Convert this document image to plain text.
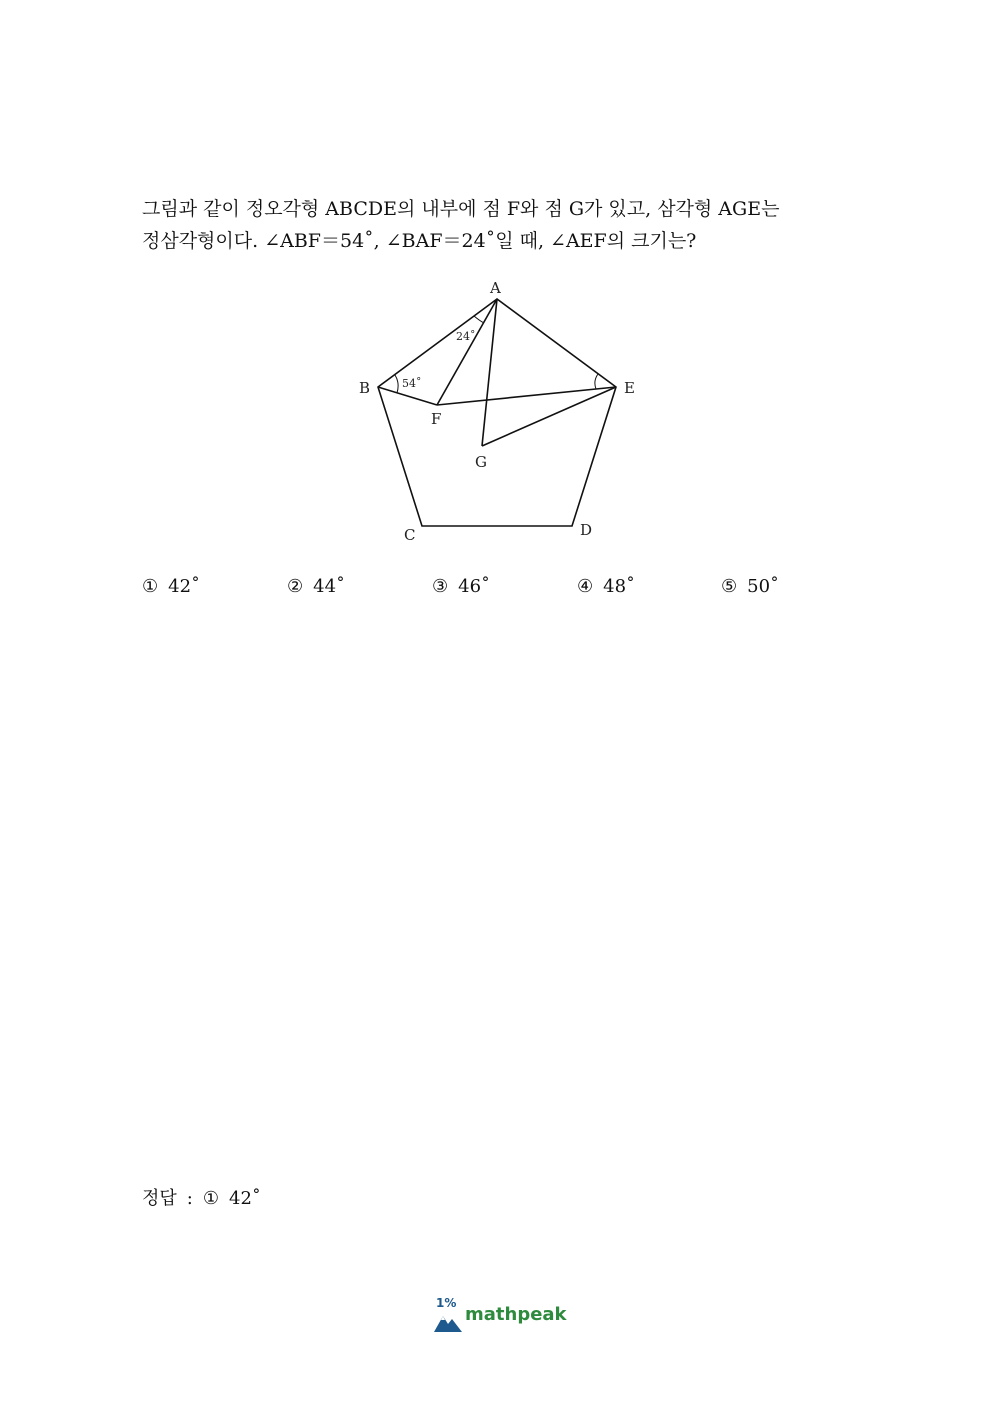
그림과 같이 정오각형 ABCDE의 내부에 점 F와 점 G가 있고, 삼각형 AGE는
정삼각형이다. ∠ABF＝54˚, ∠BAF＝24˚일 때, ∠AEF의 크기는?
A
B
C	D
E
F
G
54˚
24˚
① 42˚	② 44˚	③ 46˚	④ 48˚	⑤ 50˚
정답 : ① 42˚
1%
mathpeak
